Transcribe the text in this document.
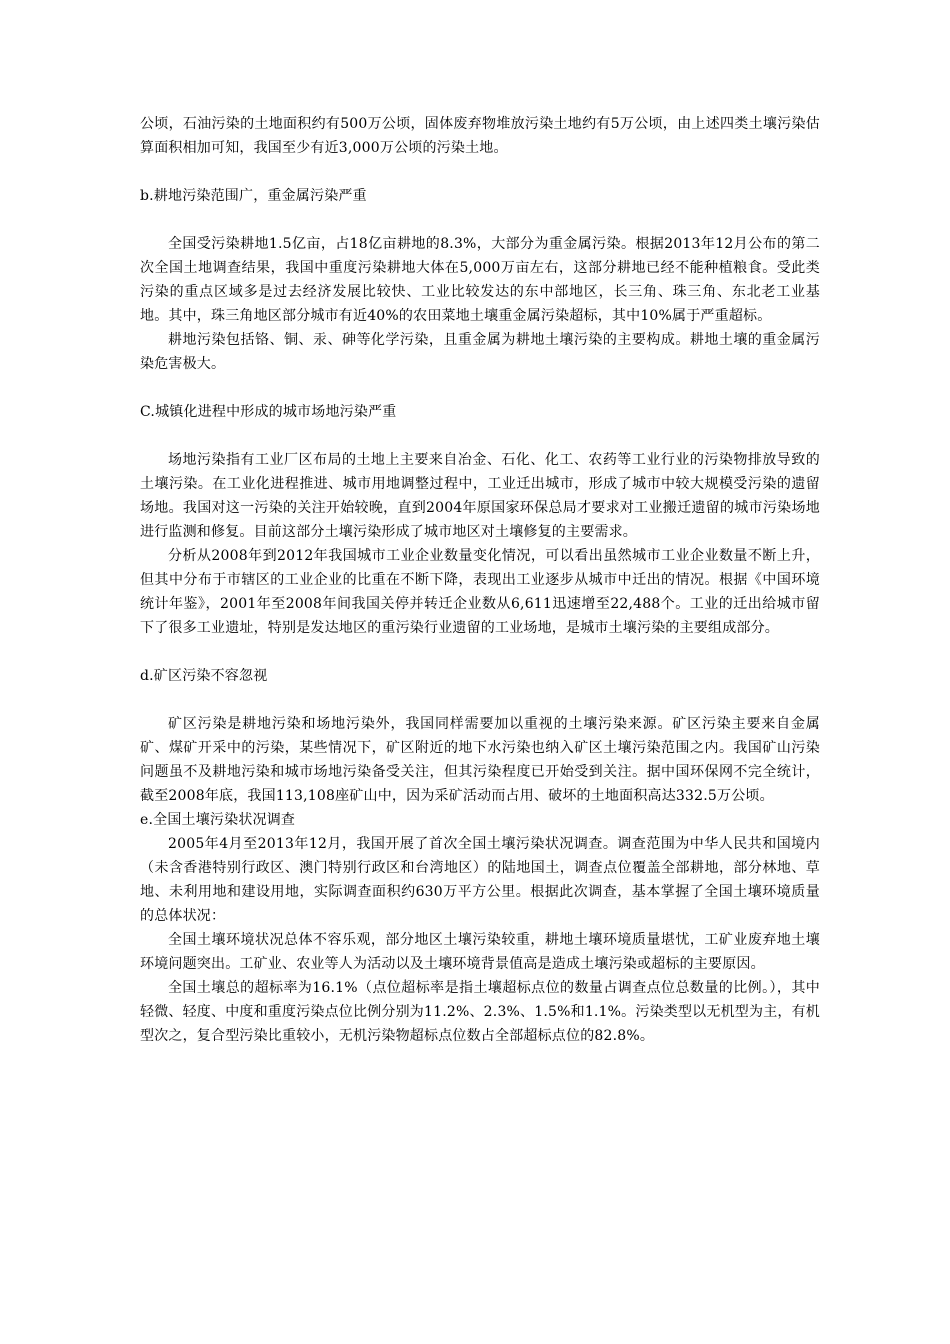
公顷，石油污染的土地面积约有500万公顷，固体废弃物堆放污染土地约有5万公顷，由上述四类土壤污染估算面积相加可知，我国至少有近3,000万公顷的污染土地。

b.耕地污染范围广，重金属污染严重

全国受污染耕地1.5亿亩，占18亿亩耕地的8.3%，大部分为重金属污染。根据2013年12月公布的第二次全国土地调查结果，我国中重度污染耕地大体在5,000万亩左右，这部分耕地已经不能种植粮食。受此类污染的重点区域多是过去经济发展比较快、工业比较发达的东中部地区，长三角、珠三角、东北老工业基地。其中，珠三角地区部分城市有近40%的农田菜地土壤重金属污染超标，其中10%属于严重超标。

耕地污染包括铬、铜、汞、砷等化学污染，且重金属为耕地土壤污染的主要构成。耕地土壤的重金属污染危害极大。

C.城镇化进程中形成的城市场地污染严重

场地污染指有工业厂区布局的土地上主要来自冶金、石化、化工、农药等工业行业的污染物排放导致的土壤污染。在工业化进程推进、城市用地调整过程中，工业迁出城市，形成了城市中较大规模受污染的遗留场地。我国对这一污染的关注开始较晚，直到2004年原国家环保总局才要求对工业搬迁遗留的城市污染场地进行监测和修复。目前这部分土壤污染形成了城市地区对土壤修复的主要需求。

分析从2008年到2012年我国城市工业企业数量变化情况，可以看出虽然城市工业企业数量不断上升，但其中分布于市辖区的工业企业的比重在不断下降，表现出工业逐步从城市中迁出的情况。根据《中国环境统计年鉴》，2001年至2008年间我国关停并转迁企业数从6,611迅速增至22,488个。工业的迁出给城市留下了很多工业遗址，特别是发达地区的重污染行业遗留的工业场地，是城市土壤污染的主要组成部分。

d.矿区污染不容忽视

矿区污染是耕地污染和场地污染外，我国同样需要加以重视的土壤污染来源。矿区污染主要来自金属矿、煤矿开采中的污染，某些情况下，矿区附近的地下水污染也纳入矿区土壤污染范围之内。我国矿山污染问题虽不及耕地污染和城市场地污染备受关注，但其污染程度已开始受到关注。据中国环保网不完全统计，截至2008年底，我国113,108座矿山中，因为采矿活动而占用、破坏的土地面积高达332.5万公顷。

e.全国土壤污染状况调查

2005年4月至2013年12月，我国开展了首次全国土壤污染状况调查。调查范围为中华人民共和国境内（未含香港特别行政区、澳门特别行政区和台湾地区）的陆地国土，调查点位覆盖全部耕地，部分林地、草地、未利用地和建设用地，实际调查面积约630万平方公里。根据此次调查，基本掌握了全国土壤环境质量的总体状况：

全国土壤环境状况总体不容乐观，部分地区土壤污染较重，耕地土壤环境质量堪忧，工矿业废弃地土壤环境问题突出。工矿业、农业等人为活动以及土壤环境背景值高是造成土壤污染或超标的主要原因。

全国土壤总的超标率为16.1%（点位超标率是指土壤超标点位的数量占调查点位总数量的比例。），其中轻微、轻度、中度和重度污染点位比例分别为11.2%、2.3%、1.5%和1.1%。污染类型以无机型为主，有机型次之，复合型污染比重较小，无机污染物超标点位数占全部超标点位的82.8%。
